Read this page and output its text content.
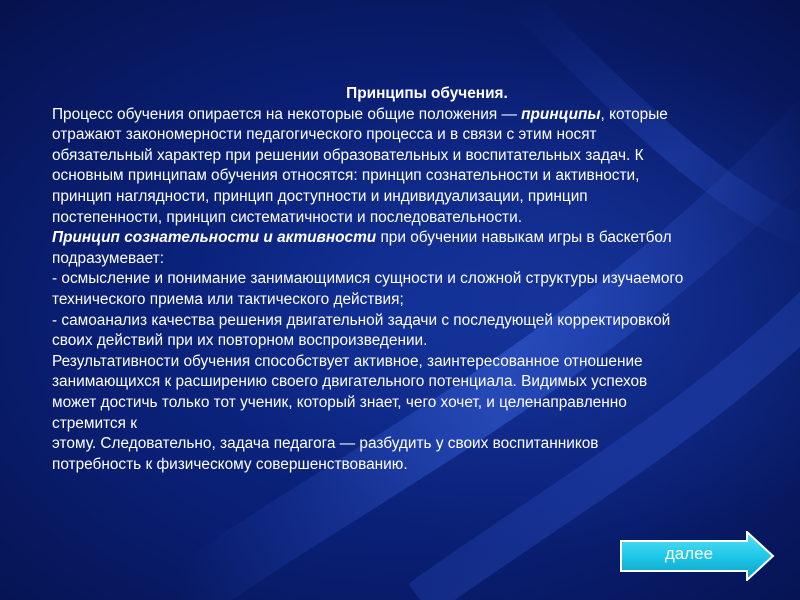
Принципы обучения.

Процесс обучения опирается на некоторые общие положения — принципы, которые

отражают закономерности педагогического процесса и в связи с этим носят

обязательный характер при решении образовательных и воспитательных задач. К

основным принципам обучения относятся: принцип сознательности и активности,

принцип наглядности, принцип доступности и индивидуализации, принцип

постепенности, принцип систематичности и последовательности.

Принцип сознательности и активности при обучении навыкам игры в баскетбол

подразумевает:

- осмысление и понимание занимающимися сущности и сложной структуры изучаемого

технического приема или тактического действия;

- самоанализ качества решения двигательной задачи с последующей корректировкой

своих действий при их повторном воспроизведении.

Результативности обучения способствует активное, заинтересованное отношение

занимающихся к расширению своего двигательного потенциала. Видимых успехов

может достичь только тот ученик, который знает, чего хочет, и целенаправленно

стремится к

этому. Следовательно, задача педагога — разбудить у своих воспитанников

потребность к физическому совершенствованию.

далее
